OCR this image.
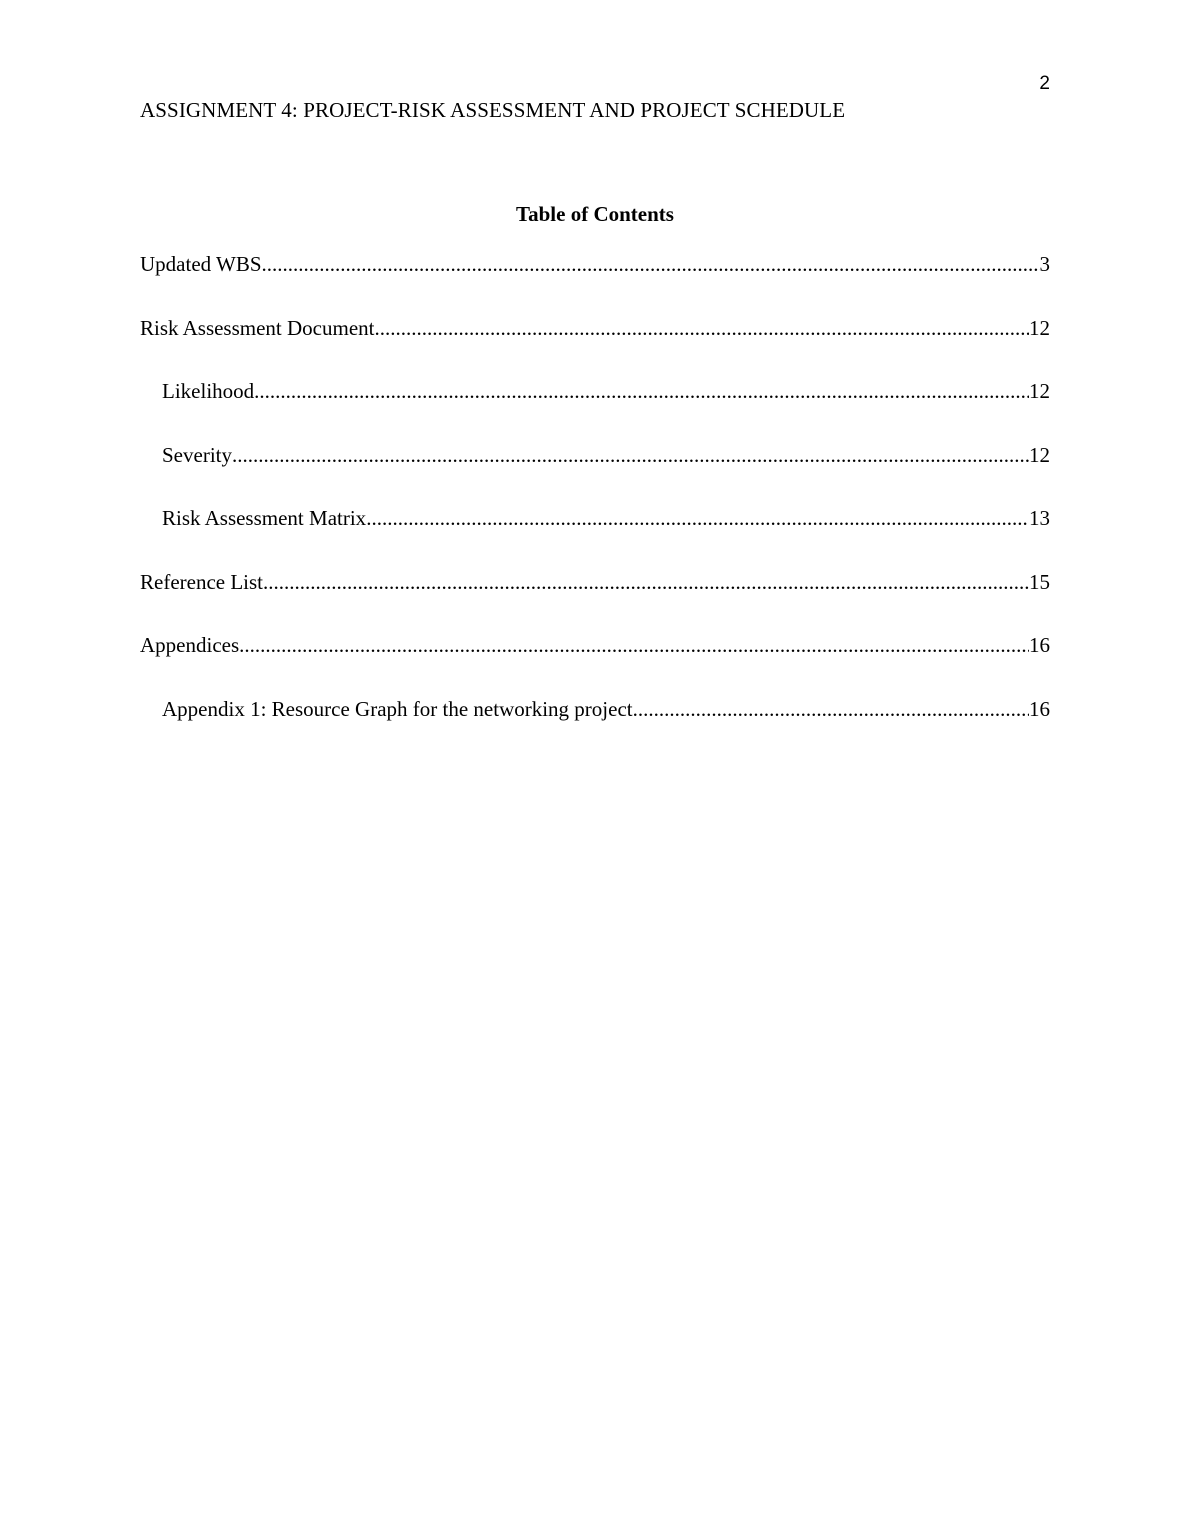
2
ASSIGNMENT 4: PROJECT-RISK ASSESSMENT AND PROJECT SCHEDULE
Table of Contents
Updated WBS .....	3
Risk Assessment Document .....	12
Likelihood .....	12
Severity .....	12
Risk Assessment Matrix .....	13
Reference List .....	15
Appendices .....	16
Appendix 1: Resource Graph for the networking project .....	16
